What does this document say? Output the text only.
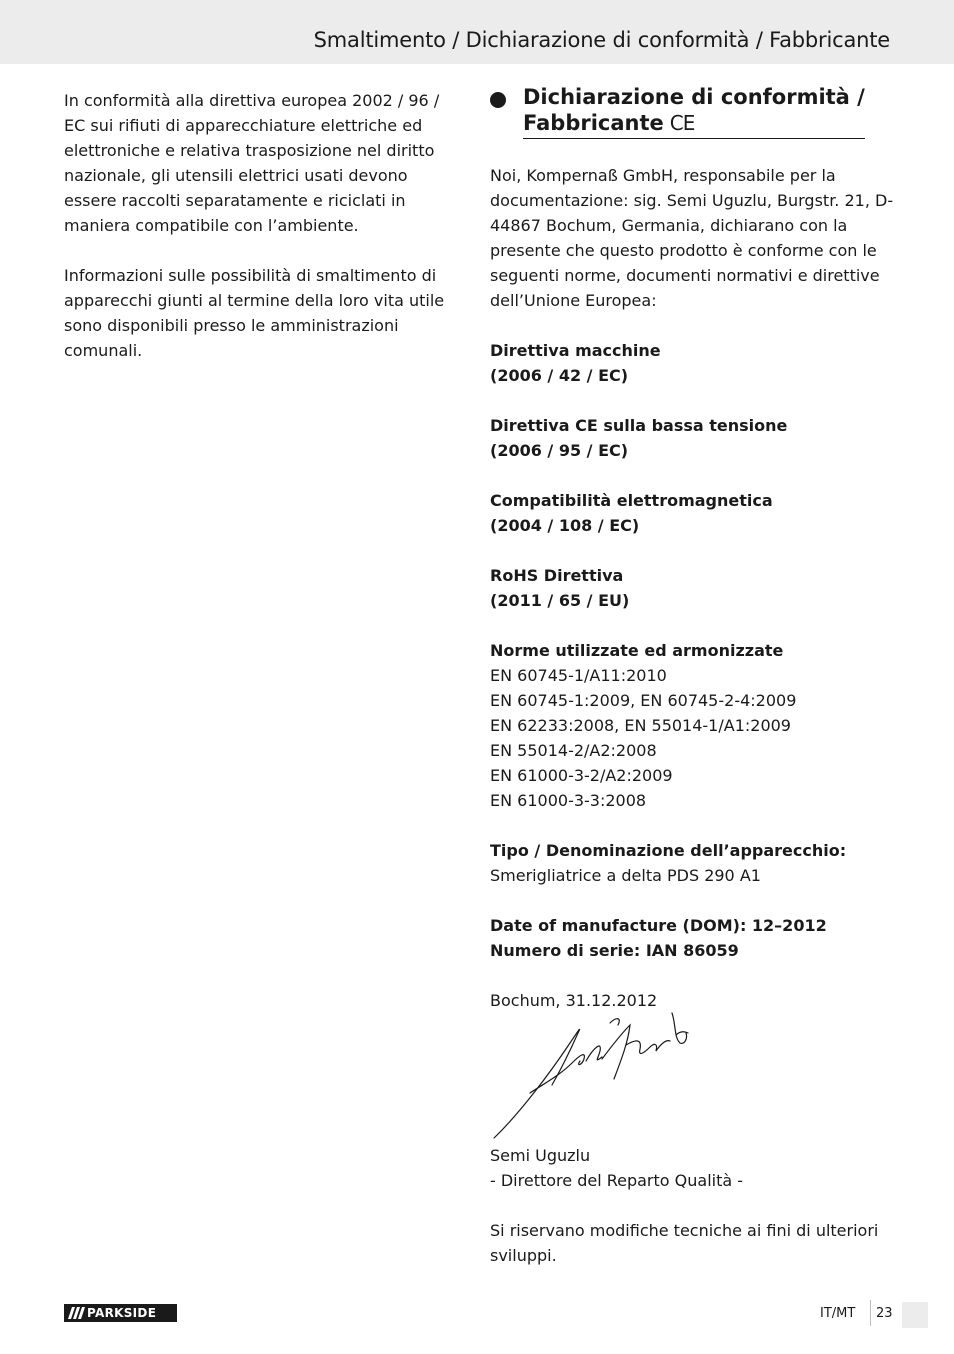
Smaltimento / Dichiarazione di conformità / Fabbricante

In conformità alla direttiva europea 2002 / 96 / EC sui rifiuti di apparecchiature elettriche ed elettroniche e relativa trasposizione nel diritto nazionale, gli utensili elettrici usati devono essere raccolti separatamente e riciclati in maniera compatibile con l’ambiente.

Informazioni sulle possibilità di smaltimento di apparecchi giunti al termine della loro vita utile sono disponibili presso le amministrazioni comunali.

Dichiarazione di conformità /
Fabbricante CE

Noi, Kompernaß GmbH, responsabile per la documentazione: sig. Semi Uguzlu, Burgstr. 21, D-44867 Bochum, Germania, dichiarano con la presente che questo prodotto è conforme con le seguenti norme, documenti normativi e direttive dell’Unione Europea:

Direttiva macchine
(2006 / 42 / EC)

Direttiva CE sulla bassa tensione
(2006 / 95 / EC)

Compatibilità elettromagnetica
(2004 / 108 / EC)

RoHS Direttiva
(2011 / 65 / EU)

Norme utilizzate ed armonizzate
EN 60745-1/A11:2010
EN 60745-1:2009, EN 60745-2-4:2009
EN 62233:2008, EN 55014-1/A1:2009
EN 55014-2/A2:2008
EN 61000-3-2/A2:2009
EN 61000-3-3:2008

Tipo / Denominazione dell’apparecchio:
Smerigliatrice a delta PDS 290 A1

Date of manufacture (DOM): 12–2012
Numero di serie: IAN 86059

Bochum, 31.12.2012

Semi Uguzlu
- Direttore del Reparto Qualità -

Si riservano modifiche tecniche ai fini di ulteriori sviluppi.

PARKSIDE	IT/MT 23
